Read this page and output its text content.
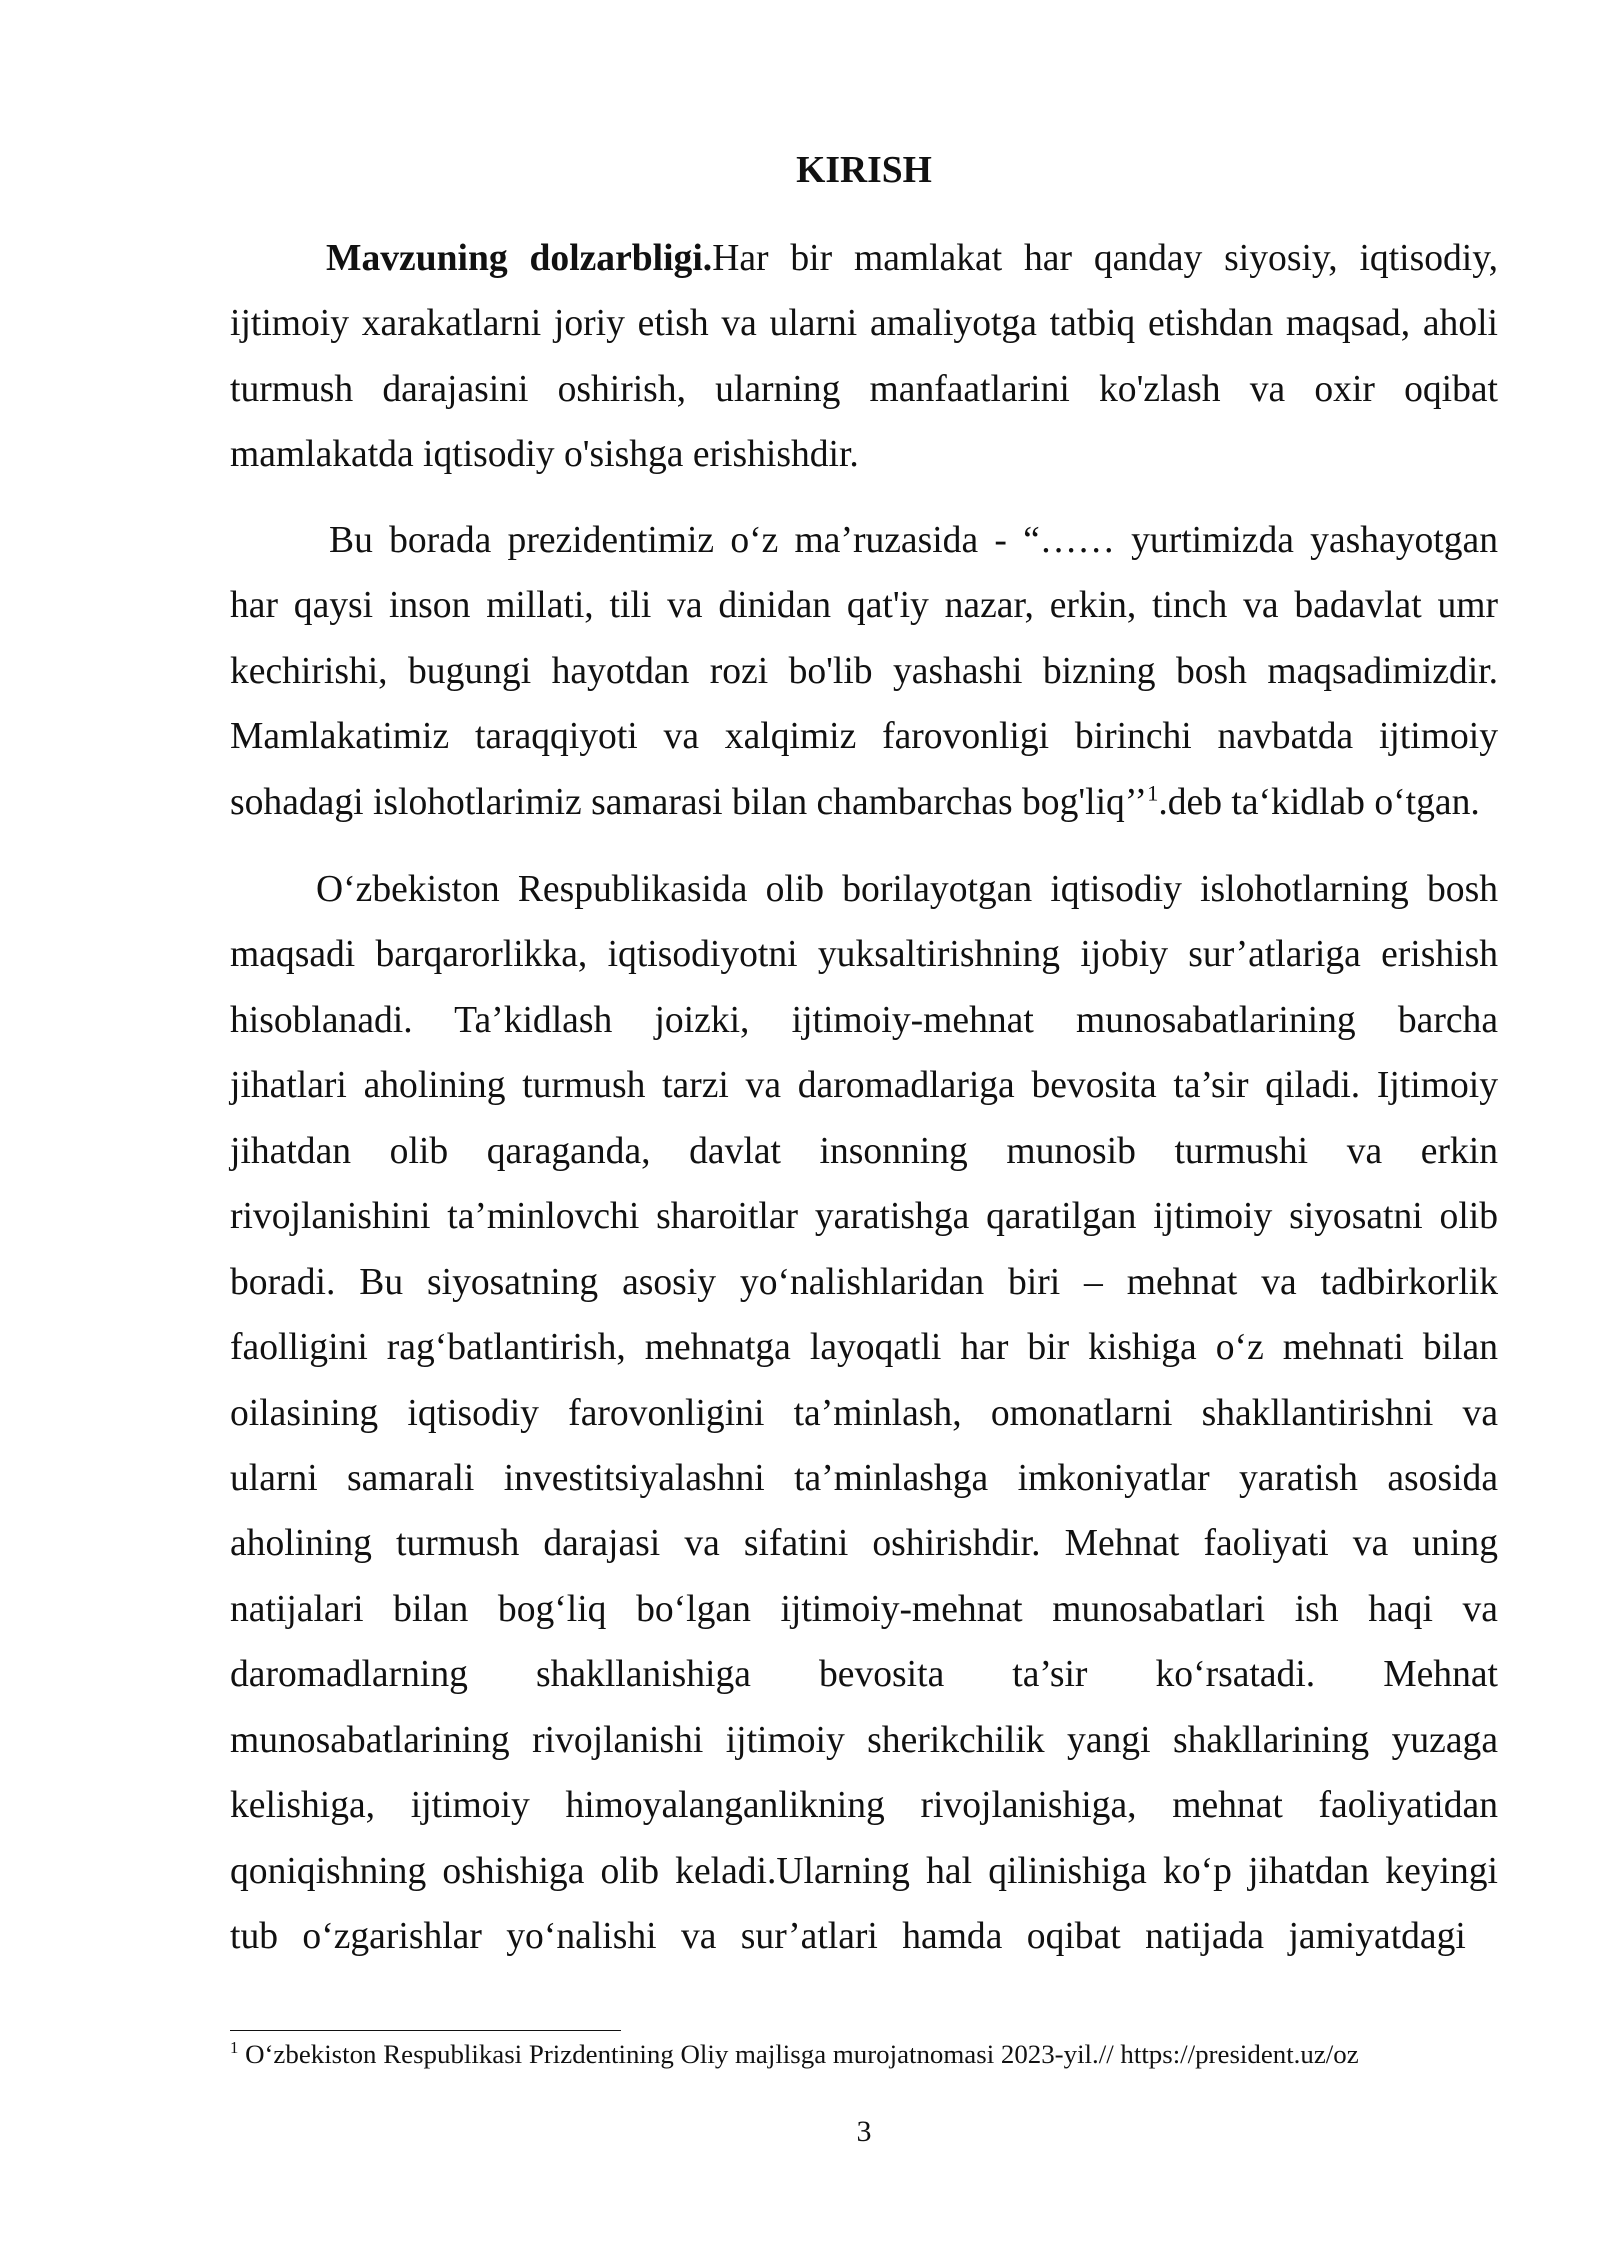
KIRISH
Mavzuning dolzarbligi.Har bir mamlakat har qanday siyosiy, iqtisodiy,
ijtimoiy xarakatlarni joriy etish va ularni amaliyotga tatbiq etishdan maqsad, aholi
turmush darajasini oshirish, ularning manfaatlarini ko'zlash va oxir oqibat
mamlakatda iqtisodiy o'sishga erishishdir.
Bu borada prezidentimiz o‘z ma’ruzasida - “…… yurtimizda yashayotgan
har qaysi inson millati, tili va dinidan qat'iy nazar, erkin, tinch va badavlat umr
kechirishi, bugungi hayotdan rozi bo'lib yashashi bizning bosh maqsadimizdir.
Mamlakatimiz taraqqiyoti va xalqimiz farovonligi birinchi navbatda ijtimoiy
sohadagi islohotlarimiz samarasi bilan chambarchas bog'liq’’$^1$.deb ta‘kidlab o‘tgan.
O‘zbekiston Respublikasida olib borilayotgan iqtisodiy islohotlarning bosh
maqsadi barqarorlikka, iqtisodiyotni yuksaltirishning ijobiy sur’atlariga erishish
hisoblanadi. Ta’kidlash joizki, ijtimoiy-mehnat munosabatlarining barcha
jihatlari aholining turmush tarzi va daromadlariga bevosita ta’sir qiladi. Ijtimoiy
jihatdan olib qaraganda, davlat insonning munosib turmushi va erkin
rivojlanishini ta’minlovchi sharoitlar yaratishga qaratilgan ijtimoiy siyosatni olib
boradi. Bu siyosatning asosiy yo‘nalishlaridan biri – mehnat va tadbirkorlik
faolligini rag‘batlantirish, mehnatga layoqatli har bir kishiga o‘z mehnati bilan
oilasining iqtisodiy farovonligini ta’minlash, omonatlarni shakllantirishni va
ularni samarali investitsiyalashni ta’minlashga imkoniyatlar yaratish asosida
aholining turmush darajasi va sifatini oshirishdir. Mehnat faoliyati va uning
natijalari bilan bog‘liq bo‘lgan ijtimoiy-mehnat munosabatlari ish haqi va
daromadlarning shakllanishiga bevosita ta’sir ko‘rsatadi. Mehnat
munosabatlarining rivojlanishi ijtimoiy sherikchilik yangi shakllarining yuzaga
kelishiga, ijtimoiy himoyalanganlikning rivojlanishiga, mehnat faoliyatidan
qoniqishning oshishiga olib keladi.Ularning hal qilinishiga ko‘p jihatdan keyingi
tub o‘zgarishlar yo‘nalishi va sur’atlari hamda oqibat natijada jamiyatdagi
$^1$ O‘zbekiston Respublikasi Prizdentining Oliy majlisga murojatnomasi 2023-yil.// https://president.uz/oz
3
